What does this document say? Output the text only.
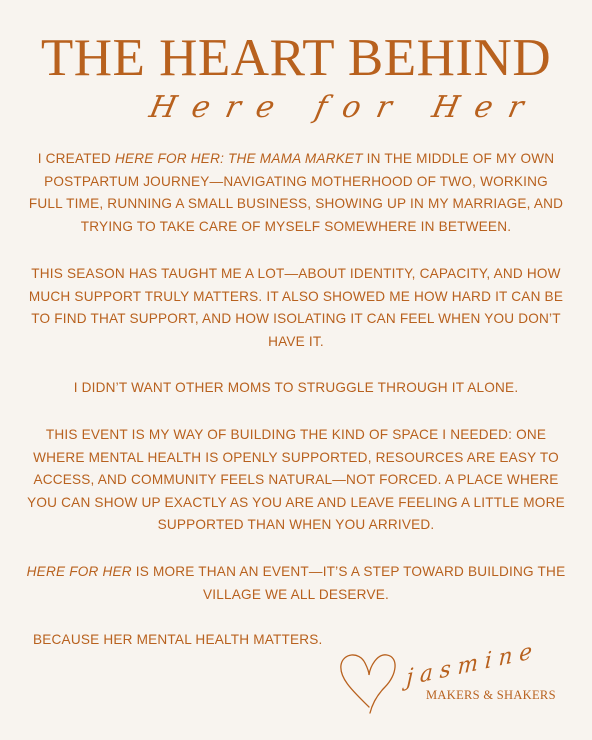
THE HEART BEHIND
Here for Her

I CREATED HERE FOR HER: THE MAMA MARKET IN THE MIDDLE OF MY OWN POSTPARTUM JOURNEY—NAVIGATING MOTHERHOOD OF TWO, WORKING FULL TIME, RUNNING A SMALL BUSINESS, SHOWING UP IN MY MARRIAGE, AND TRYING TO TAKE CARE OF MYSELF SOMEWHERE IN BETWEEN.

THIS SEASON HAS TAUGHT ME A LOT—ABOUT IDENTITY, CAPACITY, AND HOW MUCH SUPPORT TRULY MATTERS. IT ALSO SHOWED ME HOW HARD IT CAN BE TO FIND THAT SUPPORT, AND HOW ISOLATING IT CAN FEEL WHEN YOU DON’T HAVE IT.

I DIDN’T WANT OTHER MOMS TO STRUGGLE THROUGH IT ALONE.

THIS EVENT IS MY WAY OF BUILDING THE KIND OF SPACE I NEEDED: ONE WHERE MENTAL HEALTH IS OPENLY SUPPORTED, RESOURCES ARE EASY TO ACCESS, AND COMMUNITY FEELS NATURAL—NOT FORCED. A PLACE WHERE YOU CAN SHOW UP EXACTLY AS YOU ARE AND LEAVE FEELING A LITTLE MORE SUPPORTED THAN WHEN YOU ARRIVED.

HERE FOR HER IS MORE THAN AN EVENT—IT’S A STEP TOWARD BUILDING THE VILLAGE WE ALL DESERVE.

BECAUSE HER MENTAL HEALTH MATTERS.	jasmine
MAKERS & SHAKERS
